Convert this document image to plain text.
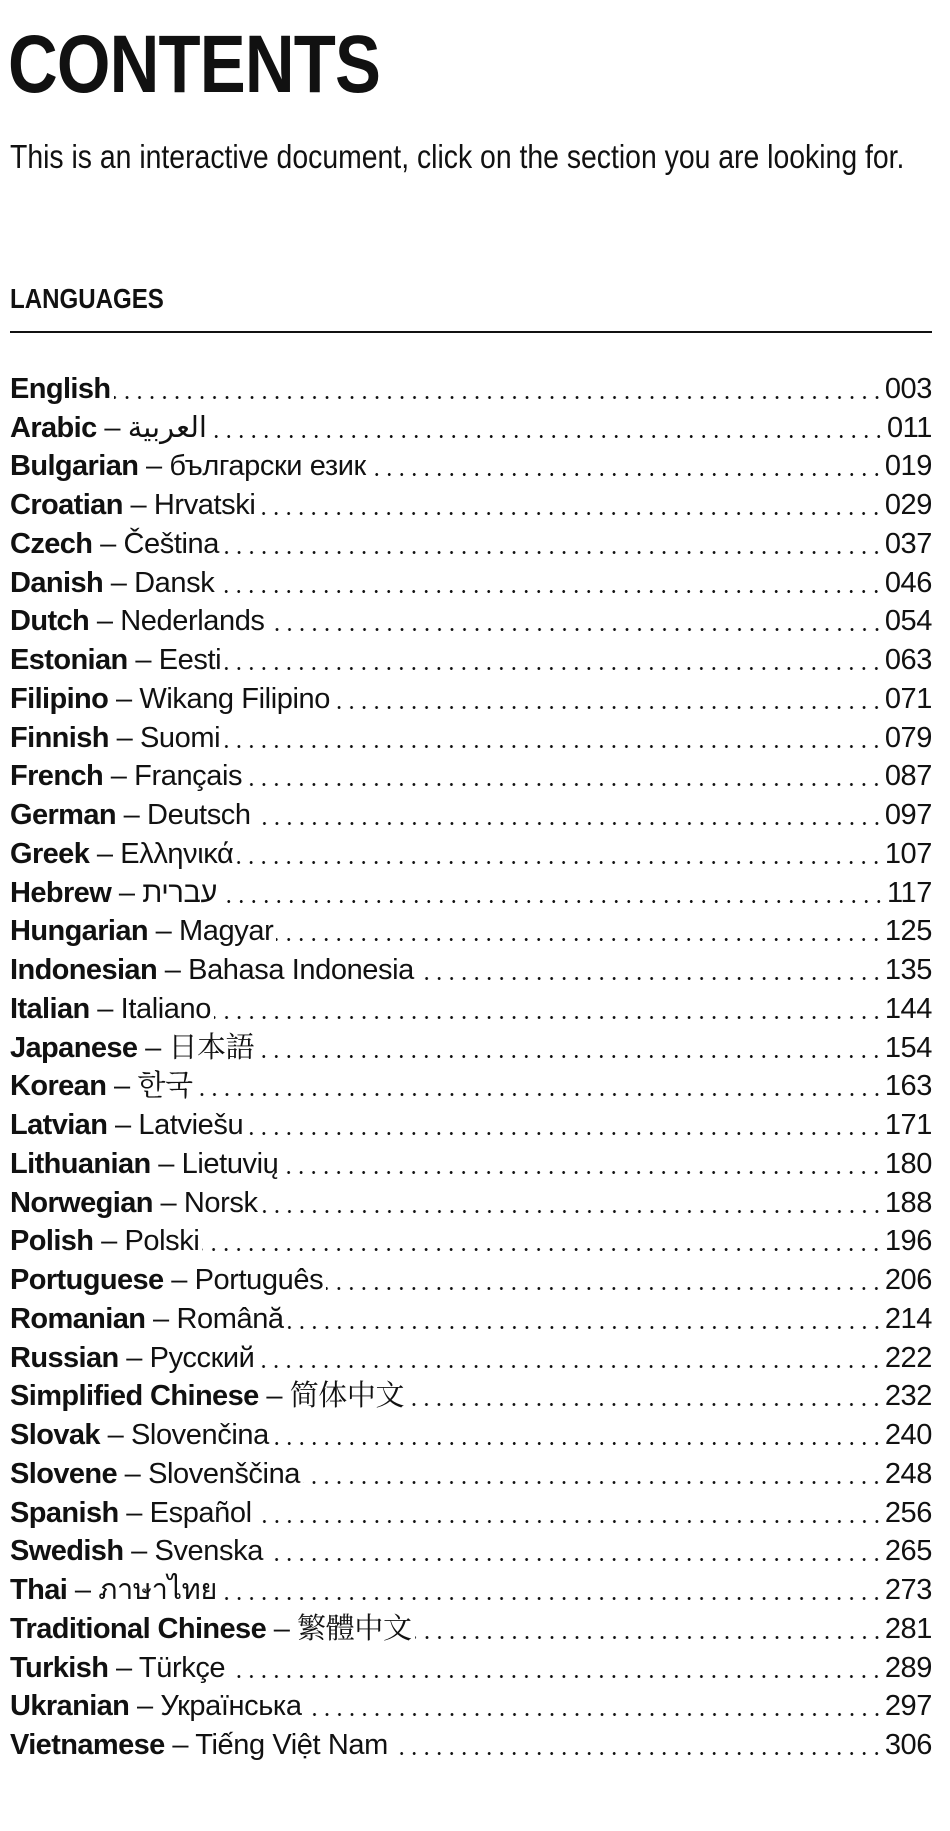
CONTENTS
This is an interactive document, click on the section you are looking for.
LANGUAGES
English	003
Arabic – العربية	011
Bulgarian – български език	019
Croatian – Hrvatski	029
Czech – Čeština	037
Danish – Dansk	046
Dutch – Nederlands	054
Estonian – Eesti	063
Filipino – Wikang Filipino	071
Finnish – Suomi	079
French – Français	087
German – Deutsch	097
Greek – Ελληνικά	107
Hebrew – עברית	117
Hungarian – Magyar	125
Indonesian – Bahasa Indonesia	135
Italian – Italiano	144
Japanese – 日本語	154
Korean – 한국	163
Latvian – Latviešu	171
Lithuanian – Lietuvių	180
Norwegian – Norsk	188
Polish – Polski	196
Portuguese – Português	206
Romanian – Română	214
Russian – Русский	222
Simplified Chinese – 简体中文	232
Slovak – Slovenčina	240
Slovene – Slovenščina	248
Spanish – Español	256
Swedish – Svenska	265
Thai – ภาษาไทย	273
Traditional Chinese – 繁體中文	281
Turkish – Türkçe	289
Ukranian – Українська	297
Vietnamese – Tiếng Việt Nam	306
